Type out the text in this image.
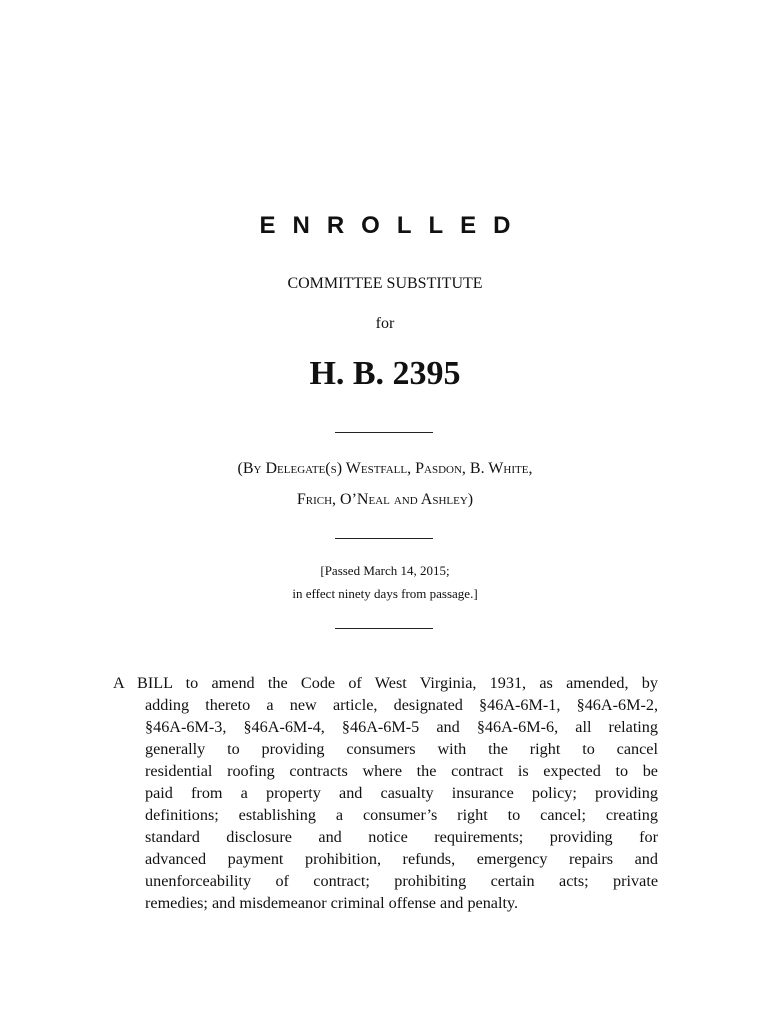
ENROLLED
COMMITTEE SUBSTITUTE
for
H. B. 2395
(By Delegate(s) Westfall, Pasdon, B. White,
Frich, O’Neal and Ashley)
[Passed March 14, 2015;
in effect ninety days from passage.]
A BILL to amend the Code of West Virginia, 1931, as amended, by
adding thereto a new article, designated §46A-6M-1, §46A-6M-2,
§46A-6M-3, §46A-6M-4, §46A-6M-5 and §46A-6M-6, all relating
generally to providing consumers with the right to cancel
residential roofing contracts where the contract is expected to be
paid from a property and casualty insurance policy; providing
definitions; establishing a consumer’s right to cancel; creating
standard disclosure and notice requirements; providing for
advanced payment prohibition, refunds, emergency repairs and
unenforceability of contract; prohibiting certain acts; private
remedies; and misdemeanor criminal offense and penalty.
